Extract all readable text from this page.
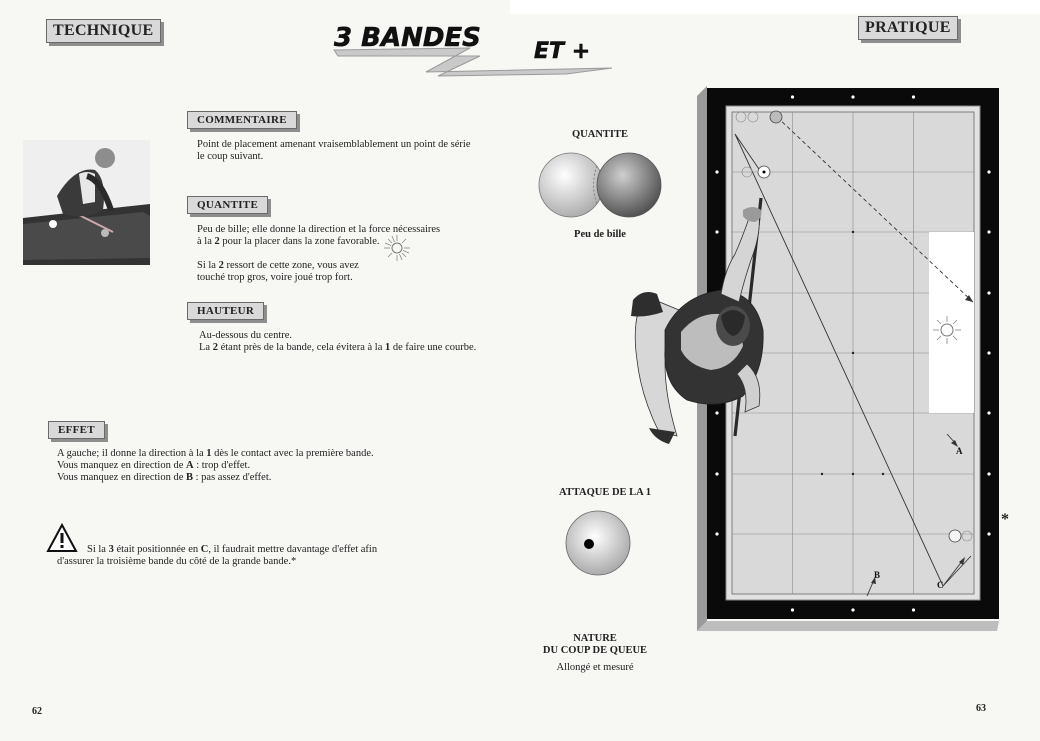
TECHNIQUE	PRATIQUE
3 BANDES ET +
COMMENTAIRE

Point de placement amenant vraisemblablement un point de série

le coup suivant.

QUANTITE

Peu de bille; elle donne la direction et la force nécessaires

à la 2 pour la placer dans la zone favorable.

Si la 2 ressort de cette zone, vous avez

touché trop gros, voire joué trop fort.

HAUTEUR

Au-dessous du centre.

La 2 étant près de la bande, cela évitera à la 1 de faire une courbe.

EFFET

A gauche; il donne la direction à la 1 dès le contact avec la première bande.

Vous manquez en direction de A : trop d'effet.

Vous manquez en direction de B : pas assez d'effet.

Si la 3 était positionnée en C, il faudrait mettre davantage d'effet afin

d'assurer la troisième bande du côté de la grande bande.*

QUANTITE
Peu de bille
ATTAQUE DE LA 1
NATURE
DU COUP DE QUEUE
Allongé et mesuré
A
B
C
*
62	63
